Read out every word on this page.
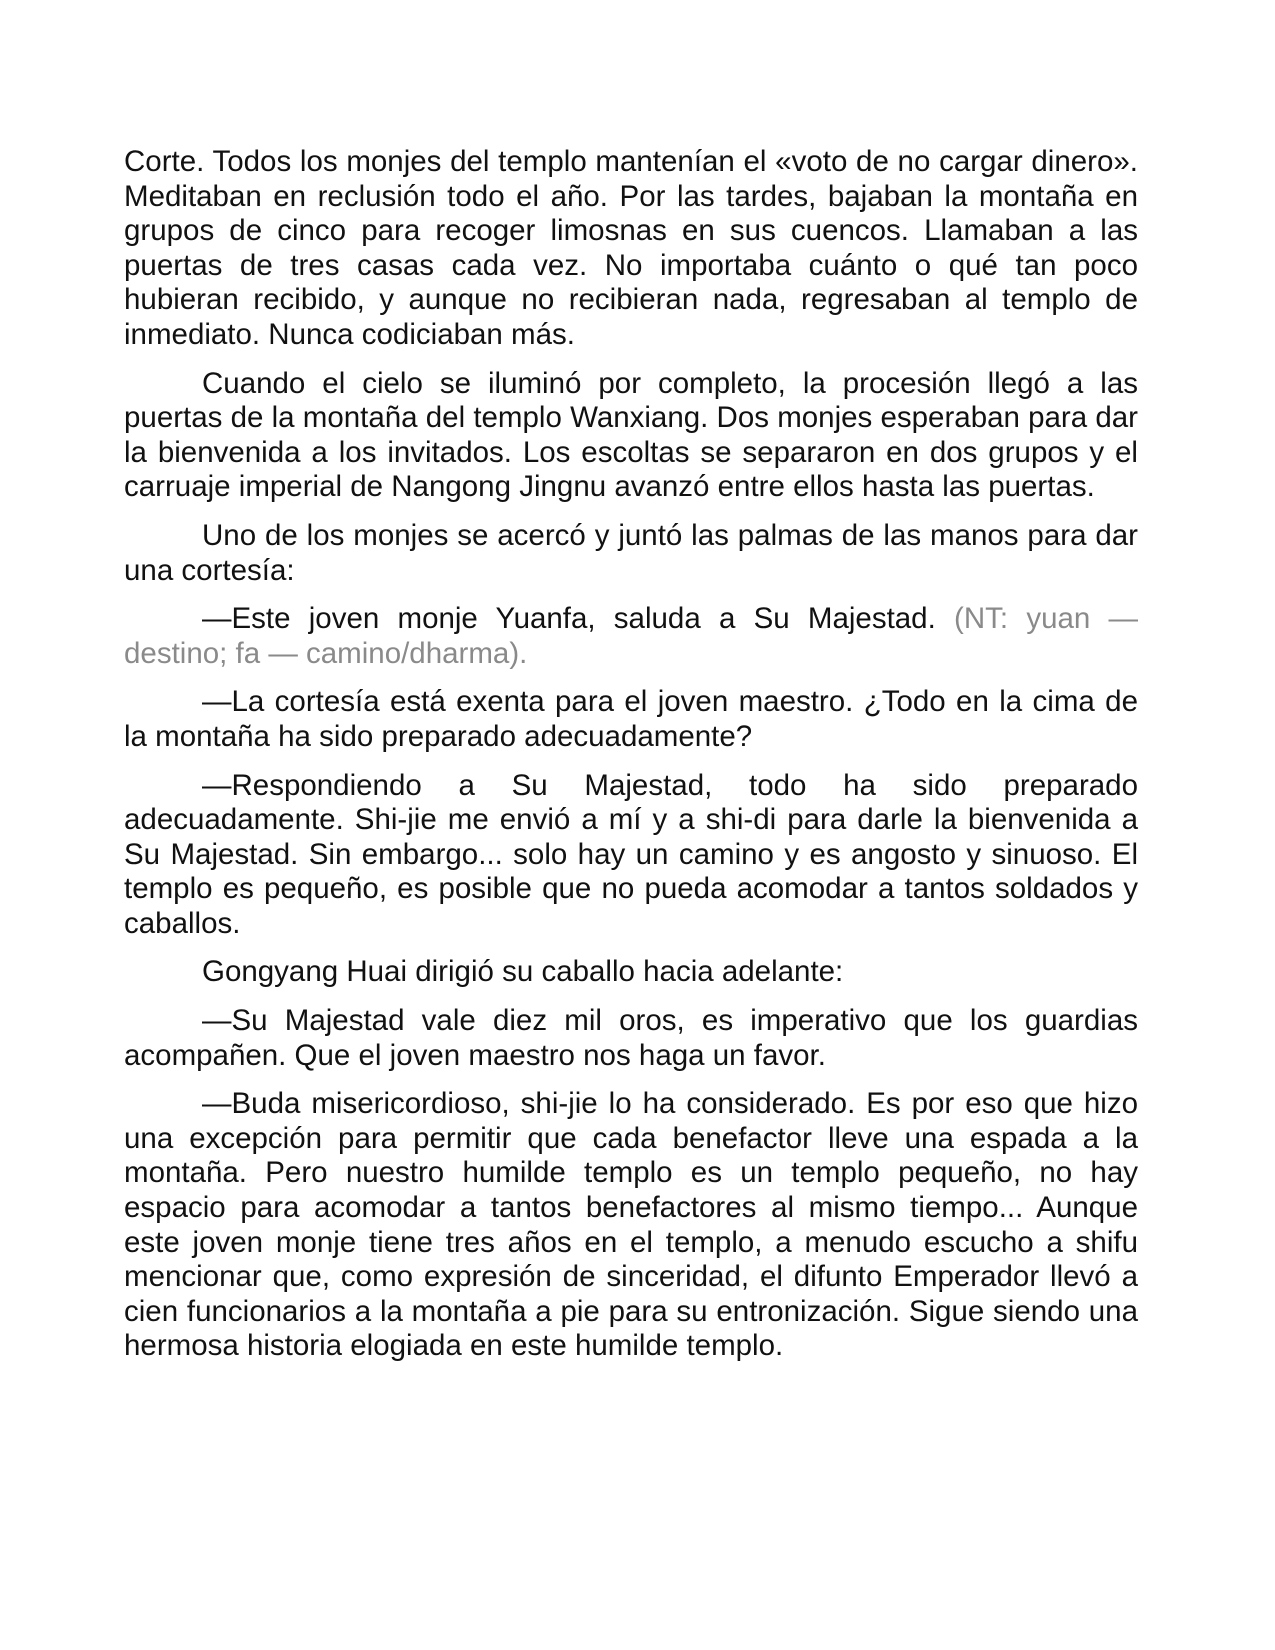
Corte. Todos los monjes del templo mantenían el «voto de no cargar dinero». Meditaban en reclusión todo el año. Por las tardes, bajaban la montaña en grupos de cinco para recoger limosnas en sus cuencos. Llamaban a las puertas de tres casas cada vez. No importaba cuánto o qué tan poco hubieran recibido, y aunque no recibieran nada, regresaban al templo de inmediato. Nunca codiciaban más.

Cuando el cielo se iluminó por completo, la procesión llegó a las puertas de la montaña del templo Wanxiang. Dos monjes esperaban para dar la bienvenida a los invitados. Los escoltas se separaron en dos grupos y el carruaje imperial de Nangong Jingnu avanzó entre ellos hasta las puertas.

Uno de los monjes se acercó y juntó las palmas de las manos para dar una cortesía:

—Este joven monje Yuanfa, saluda a Su Majestad. (NT: yuan — destino; fa — camino/dharma).

—La cortesía está exenta para el joven maestro. ¿Todo en la cima de la montaña ha sido preparado adecuadamente?

—Respondiendo a Su Majestad, todo ha sido preparado adecuadamente. Shi-jie me envió a mí y a shi-di para darle la bienvenida a Su Majestad. Sin embargo... solo hay un camino y es angosto y sinuoso. El templo es pequeño, es posible que no pueda acomodar a tantos soldados y caballos.

Gongyang Huai dirigió su caballo hacia adelante:

—Su Majestad vale diez mil oros, es imperativo que los guardias acompañen. Que el joven maestro nos haga un favor.

—Buda misericordioso, shi-jie lo ha considerado. Es por eso que hizo una excepción para permitir que cada benefactor lleve una espada a la montaña. Pero nuestro humilde templo es un templo pequeño, no hay espacio para acomodar a tantos benefactores al mismo tiempo... Aunque este joven monje tiene tres años en el templo, a menudo escucho a shifu mencionar que, como expresión de sinceridad, el difunto Emperador llevó a cien funcionarios a la montaña a pie para su entronización. Sigue siendo una hermosa historia elogiada en este humilde templo.
